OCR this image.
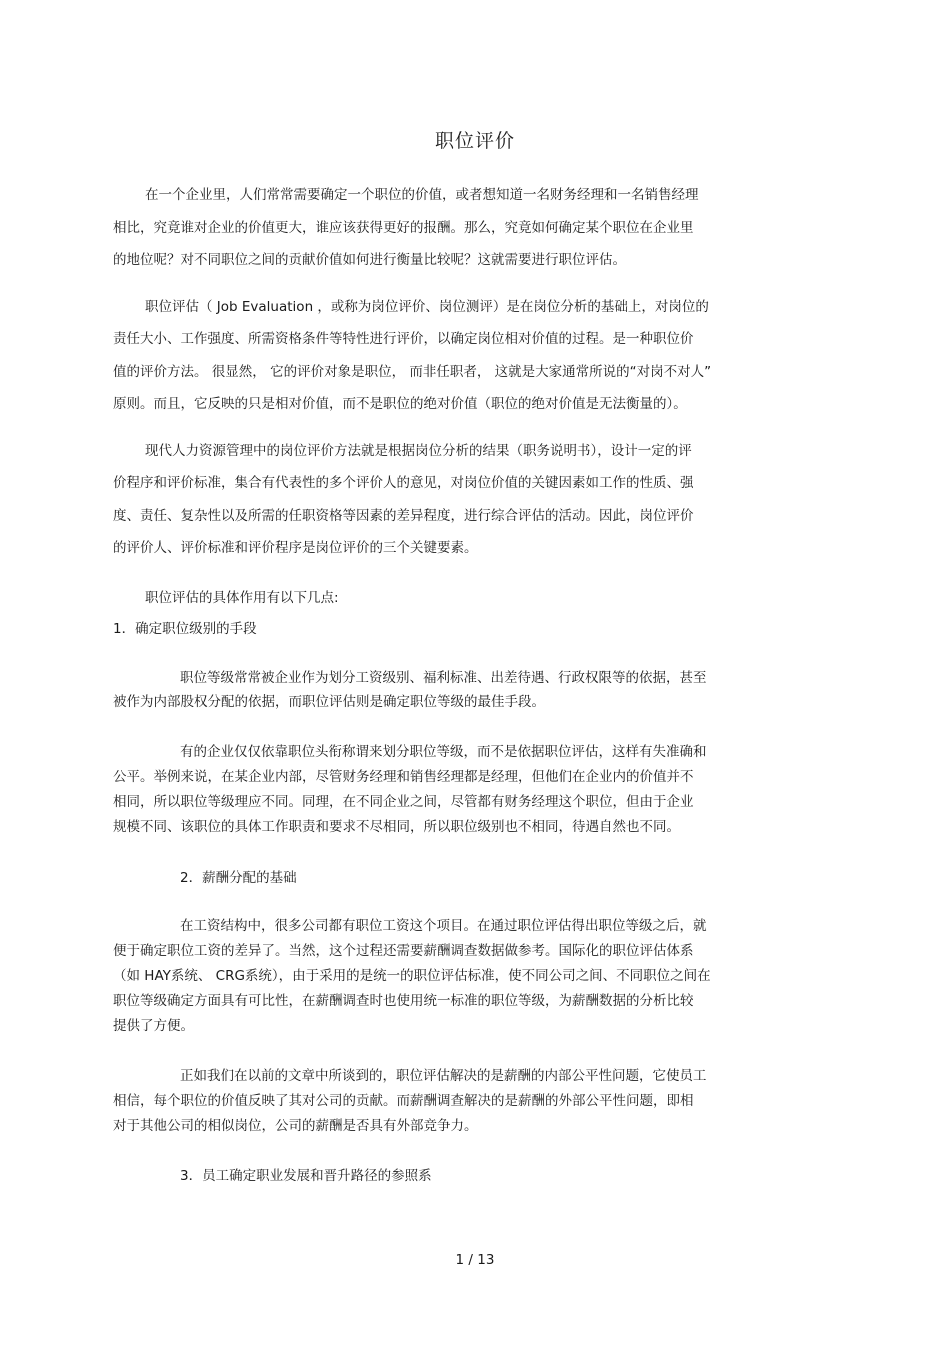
职位评价

在一个企业里，人们常常需要确定一个职位的价值，或者想知道一名财务经理和一名销售经理

相比，究竟谁对企业的价值更大，谁应该获得更好的报酬。那么，究竟如何确定某个职位在企业里

的地位呢？对不同职位之间的贡献价值如何进行衡量比较呢？这就需要进行职位评估。

职位评估（ Job Evaluation ，或称为岗位评价、岗位测评）是在岗位分析的基础上，对岗位的

责任大小、工作强度、所需资格条件等特性进行评价，以确定岗位相对价值的过程。是一种职位价

值的评价方法。 很显然， 它的评价对象是职位， 而非任职者， 这就是大家通常所说的“对岗不对人”

原则。而且，它反映的只是相对价值，而不是职位的绝对价值（职位的绝对价值是无法衡量的）。

现代人力资源管理中的岗位评价方法就是根据岗位分析的结果（职务说明书），设计一定的评

价程序和评价标准，集合有代表性的多个评价人的意见，对岗位价值的关键因素如工作的性质、强

度、责任、复杂性以及所需的任职资格等因素的差异程度，进行综合评估的活动。因此，岗位评价

的评价人、评价标准和评价程序是岗位评价的三个关键要素。

职位评估的具体作用有以下几点:

1．确定职位级别的手段

职位等级常常被企业作为划分工资级别、福利标准、出差待遇、行政权限等的依据，甚至

被作为内部股权分配的依据，而职位评估则是确定职位等级的最佳手段。

有的企业仅仅依靠职位头衔称谓来划分职位等级，而不是依据职位评估，这样有失准确和

公平。举例来说，在某企业内部，尽管财务经理和销售经理都是经理，但他们在企业内的价值并不

相同，所以职位等级理应不同。同理，在不同企业之间，尽管都有财务经理这个职位，但由于企业

规模不同、该职位的具体工作职责和要求不尽相同，所以职位级别也不相同，待遇自然也不同。

2．薪酬分配的基础

在工资结构中，很多公司都有职位工资这个项目。在通过职位评估得出职位等级之后，就

便于确定职位工资的差异了。当然，这个过程还需要薪酬调查数据做参考。国际化的职位评估体系

（如 HAY系统、 CRG系统），由于采用的是统一的职位评估标准，使不同公司之间、不同职位之间在

职位等级确定方面具有可比性，在薪酬调查时也使用统一标准的职位等级，为薪酬数据的分析比较

提供了方便。

正如我们在以前的文章中所谈到的，职位评估解决的是薪酬的内部公平性问题，它使员工

相信，每个职位的价值反映了其对公司的贡献。而薪酬调查解决的是薪酬的外部公平性问题，即相

对于其他公司的相似岗位，公司的薪酬是否具有外部竞争力。

3．员工确定职业发展和晋升路径的参照系

1 / 13
